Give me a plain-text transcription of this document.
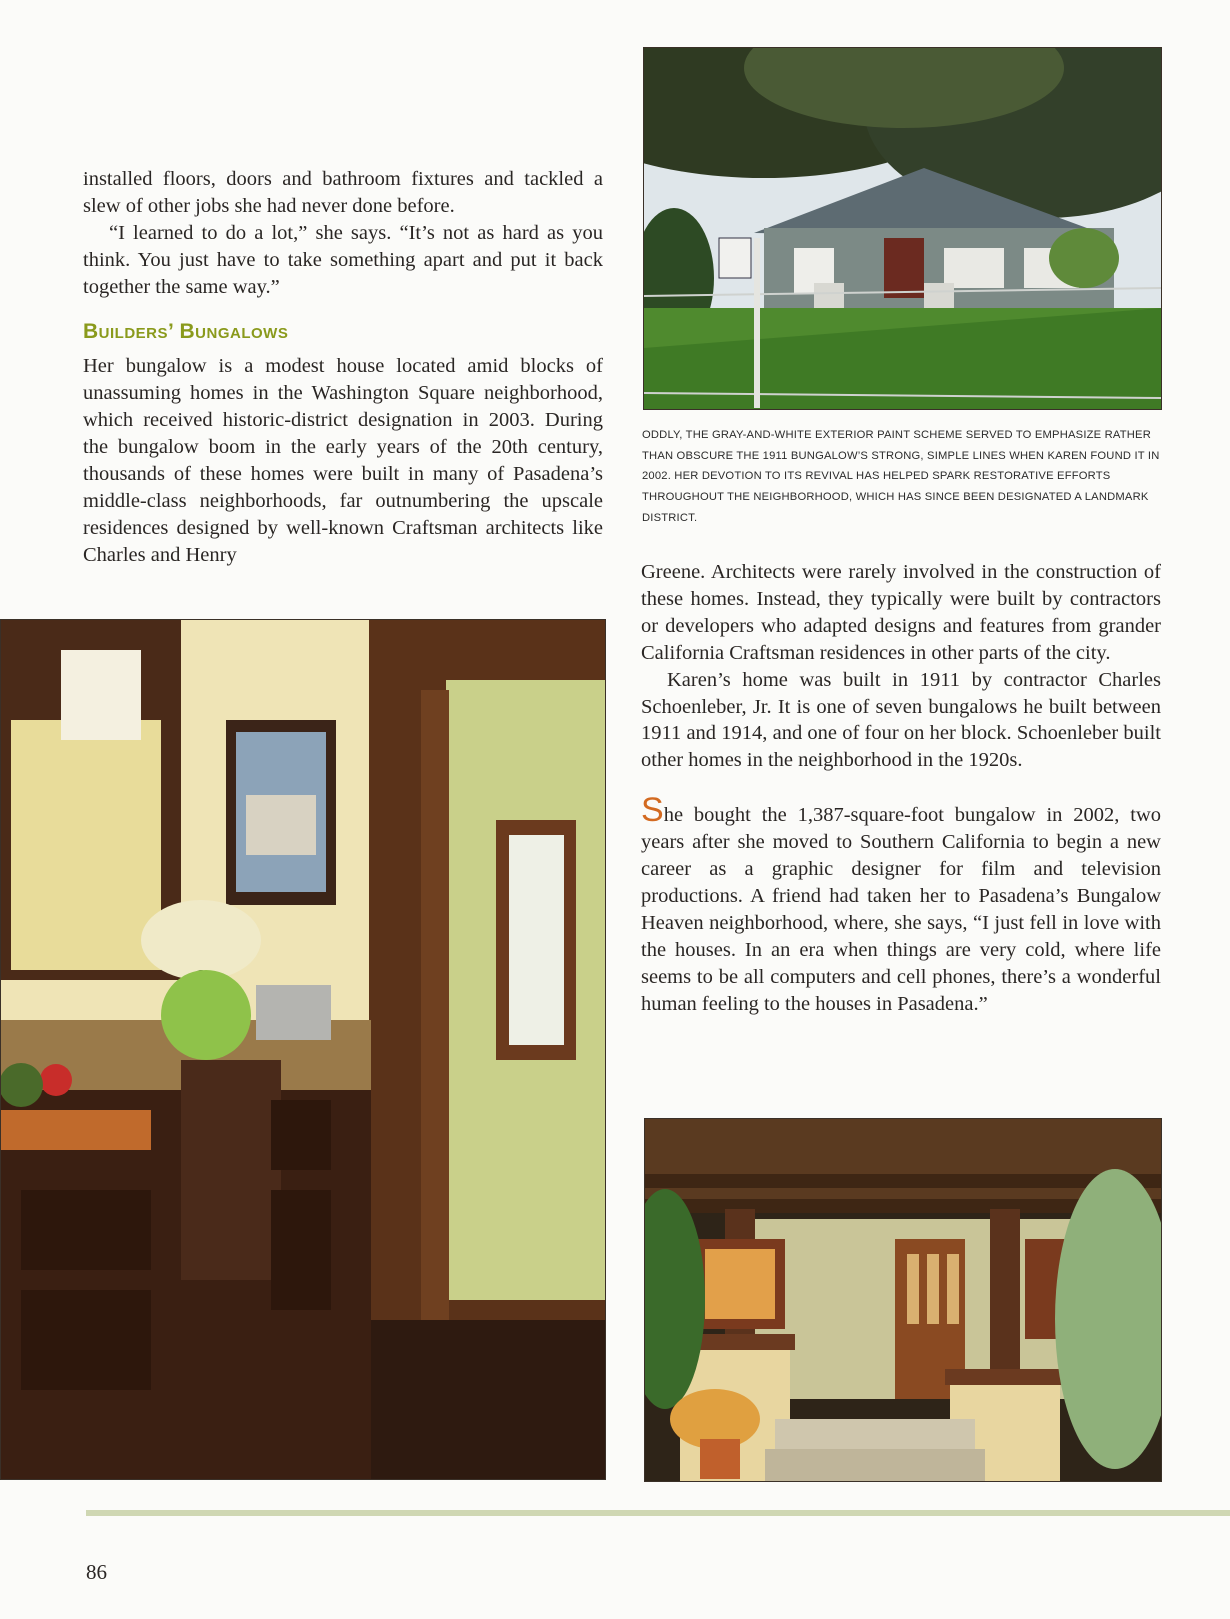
installed floors, doors and bathroom fixtures and tackled a slew of other jobs she had never done before.

“I learned to do a lot,” she says. “It’s not as hard as you think. You just have to take something apart and put it back together the same way.”

Builders’ Bungalows

Her bungalow is a modest house located amid blocks of unassuming homes in the Washington Square neighborhood, which received historic-district designation in 2003. During the bungalow boom in the early years of the 20th century, thousands of these homes were built in many of Pasadena’s middle-class neighborhoods, far outnumbering the upscale residences designed by well-known Craftsman architects like Charles and Henry

ODDLY, THE GRAY-AND-WHITE EXTERIOR PAINT SCHEME SERVED TO EMPHASIZE RATHER THAN OBSCURE THE 1911 BUNGALOW’S STRONG, SIMPLE LINES WHEN KAREN FOUND IT IN 2002. HER DEVOTION TO ITS REVIVAL HAS HELPED SPARK RESTORATIVE EFFORTS THROUGHOUT THE NEIGHBORHOOD, WHICH HAS SINCE BEEN DESIGNATED A LANDMARK DISTRICT.

Greene. Architects were rarely involved in the construction of these homes. Instead, they typically were built by contractors or developers who adapted designs and features from grander California Craftsman residences in other parts of the city.

Karen’s home was built in 1911 by contractor Charles Schoenleber, Jr. It is one of seven bungalows he built between 1911 and 1914, and one of four on her block. Schoenleber built other homes in the neighborhood in the 1920s.

She bought the 1,387-square-foot bungalow in 2002, two years after she moved to Southern California to begin a new career as a graphic designer for film and television productions. A friend had taken her to Pasadena’s Bungalow Heaven neighborhood, where, she says, “I just fell in love with the houses. In an era when things are very cold, where life seems to be all computers and cell phones, there’s a wonderful human feeling to the houses in Pasadena.”

86
